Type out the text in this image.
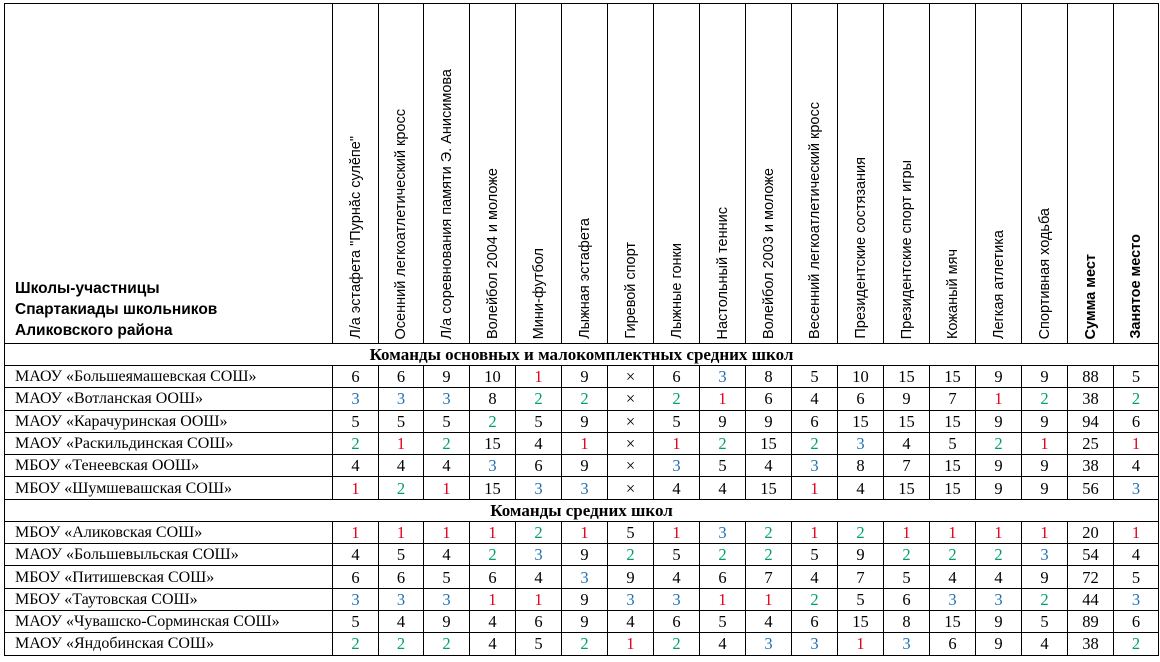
Школы-участницы
Спартакиады школьников
Аликовского района	Л/а эстафета "Пурнăс сулĕпе"	Осенний легкоатлетический кросс	Л/а соревнования памяти Э. Анисимова	Волейбол 2004 и моложе	Мини-футбол	Лыжная эстафета	Гиревой спорт	Лыжные гонки	Настольный теннис	Волейбол 2003 и моложе	Весенний легкоатлетический кросс	Президентские состязания	Президентские спорт игры	Кожаный мяч	Легкая атлетика	Спортивная ходьба	Сумма мест	Занятое место

Команды основных и малокомплектных средних школ																		
МАОУ «Большеямашевская СОШ»	6	6	9	10	1	9	×	6	3	8	5	10	15	15	9	9	88	5
МАОУ «Вотланская ООШ»	3	3	3	8	2	2	×	2	1	6	4	6	9	7	1	2	38	2
МАОУ «Карачуринская ООШ»	5	5	5	2	5	9	×	5	9	9	6	15	15	15	9	9	94	6
МАОУ «Раскильдинская СОШ»	2	1	2	15	4	1	×	1	2	15	2	3	4	5	2	1	25	1
МБОУ «Тенеевская ООШ»	4	4	4	3	6	9	×	3	5	4	3	8	7	15	9	9	38	4
МБОУ «Шумшевашская СОШ»	1	2	1	15	3	3	×	4	4	15	1	4	15	15	9	9	56	3
Команды средних школ																		
МБОУ «Аликовская СОШ»	1	1	1	1	2	1	5	1	3	2	1	2	1	1	1	1	20	1
МАОУ «Большевыльская СОШ»	4	5	4	2	3	9	2	5	2	2	5	9	2	2	2	3	54	4
МБОУ «Питишевская СОШ»	6	6	5	6	4	3	9	4	6	7	4	7	5	4	4	9	72	5
МБОУ «Таутовская СОШ»	3	3	3	1	1	9	3	3	1	1	2	5	6	3	3	2	44	3
МАОУ «Чувашско-Сорминская СОШ»	5	4	9	4	6	9	4	6	5	4	6	15	8	15	9	5	89	6
МАОУ «Яндобинская СОШ»	2	2	2	4	5	2	1	2	4	3	3	1	3	6	9	4	38	2
